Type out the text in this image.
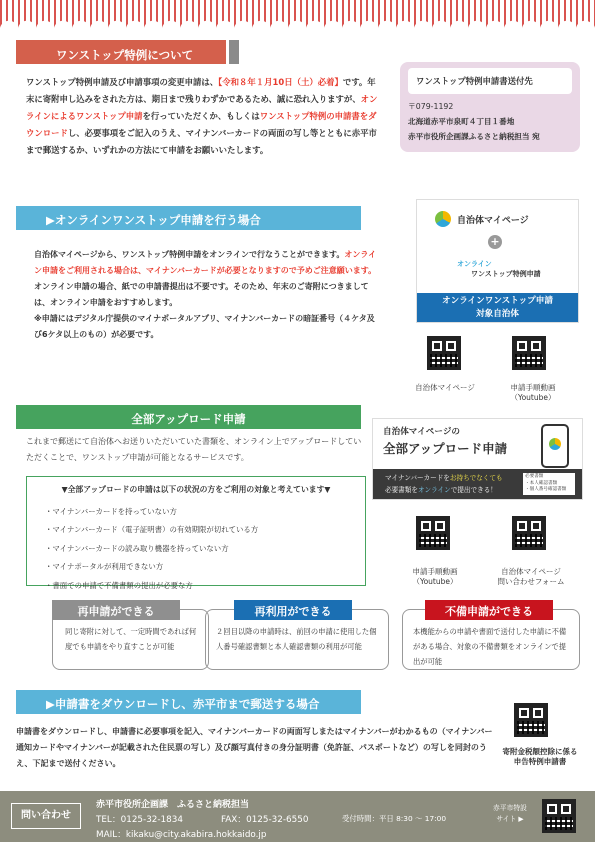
ワンストップ特例について
ワンストップ特例申請及び申請事項の変更申請は、【令和８年１月10日（土）必着】です。年末に寄附申し込みをされた方は、期日まで残りわずかであるため、誠に恐れ入りますが、オンラインによるワンストップ申請を行っていただくか、もしくはワンストップ特例の申請書をダウンロードし、必要事項をご記入のうえ、マイナンバーカードの両面の写し等とともに赤平市まで郵送するか、いずれかの方法にて申請をお願いいたします。
ワンストップ特例申請書送付先
〒079-1192
北海道赤平市泉町４丁目１番地
赤平市役所企画課ふるさと納税担当 宛
▶オンラインワンストップ申請を行う場合
自治体マイページから、ワンストップ特例申請をオンラインで行なうことができます。オンライン申請をご利用される場合は、マイナンバーカードが必要となりますので予めご注意願います。
オンライン申請の場合、紙での申請書提出は不要です。そのため、年末のご寄附につきましては、オンライン申請をおすすめします。
※申請にはデジタル庁提供のマイナポータルアプリ、マイナンバーカードの暗証番号（４ケタ及び6ケタ以上のもの）が必要です。
自治体マイページ
+
オンライン
ワンストップ特例申請
オンラインワンストップ申請
対象自治体
自治体マイページ	申請手順動画
（Youtube）
全部アップロード申請
これまで郵送にて自治体へお送りいただいていた書類を、オンライン上でアップロードしていただくことで、ワンストップ申請が可能となるサービスです。
▼全部アップロードの申請は以下の状況の方をご利用の対象と考えています▼
・マイナンバーカードを持っていない方
・マイナンバーカード（電子証明書）の有効期限が切れている方
・マイナンバーカードの読み取り機器を持っていない方
・マイナポータルが利用できない方
・書面での申請で不備書類の提出が必要な方
自治体マイページの
全部アップロード申請
マイナンバーカードをお持ちでなくても
必要書類をオンラインで提出できる！
必要書類
・本人確認書類
・個人番号確認書類
申請手順動画
（Youtube）
自治体マイページ
問い合わせフォーム
同じ寄附に対して、一定時間であれば何度でも申請をやり直すことが可能
再申請ができる
２回目以降の申請時は、前回の申請に使用した個人番号確認書類と本人確認書類の利用が可能
再利用ができる
本機能からの申請や書面で送付した申請に不備がある場合、対象の不備書類をオンラインで提出が可能
不備申請ができる
▶申請書をダウンロードし、赤平市まで郵送する場合
申請書をダウンロードし、申請書に必要事項を記入、マイナンバーカードの両面写しまたはマイナンバーがわかるもの（マイナンバー通知カードやマイナンバーが記載された住民票の写し）及び顔写真付きの身分証明書（免許証、パスポートなど）の写しを同封のうえ、下記まで送付ください。
寄附金税額控除に係る
申告特例申請書
問い合わせ
赤平市役所企画課　ふるさと納税担当
TEL：0125-32-1834	FAX：0125-32-6550	受付時間：平日 8:30 ～ 17:00
MAIL：kikaku@city.akabira.hokkaido.jp
赤平市特設
サイト ▶
